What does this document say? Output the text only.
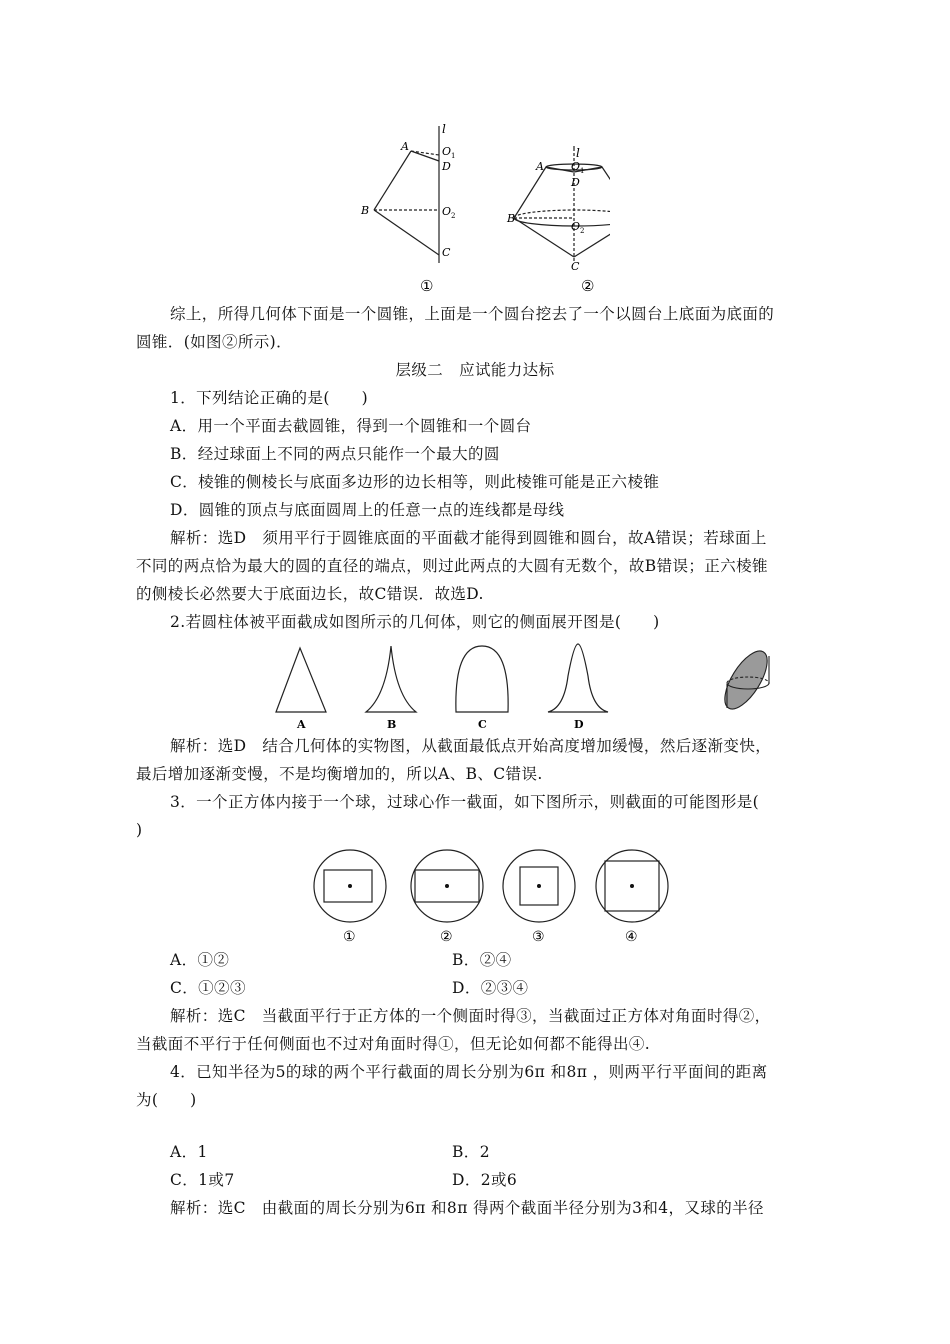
l
A	O 1
D
B	O 2
C
①
l
A O 1
D
B
O 2
C
②
综上，所得几何体下面是一个圆锥，上面是一个圆台挖去了一个以圆台上底面为底面的
圆锥．(如图②所示)．
层级二　应试能力达标
1．下列结论正确的是(　　)
A．用一个平面去截圆锥，得到一个圆锥和一个圆台
B．经过球面上不同的两点只能作一个最大的圆
C．棱锥的侧棱长与底面多边形的边长相等，则此棱锥可能是正六棱锥
D．圆锥的顶点与底面圆周上的任意一点的连线都是母线
解析：选D　须用平行于圆锥底面的平面截才能得到圆锥和圆台，故A错误；若球面上
不同的两点恰为最大的圆的直径的端点，则过此两点的大圆有无数个，故B错误；正六棱锥
的侧棱长必然要大于底面边长，故C错误．故选D.
2.若圆柱体被平面截成如图所示的几何体，则它的侧面展开图是(　　)
A	B	C	D
解析：选D　结合几何体的实物图，从截面最低点开始高度增加缓慢，然后逐渐变快，
最后增加逐渐变慢，不是均衡增加的，所以A、B、C错误.
3．一个正方体内接于一个球，过球心作一截面，如下图所示，则截面的可能图形是(
)
①	②	③	④
A．①②	B．②④
C．①②③	D．②③④
解析：选C　当截面平行于正方体的一个侧面时得③，当截面过正方体对角面时得②，
当截面不平行于任何侧面也不过对角面时得①，但无论如何都不能得出④.
4．已知半径为5的球的两个平行截面的周长分别为6π 和8π ，则两平行平面间的距离
为(　　)
A．1	B．2
C．1或7	D．2或6
解析：选C　由截面的周长分别为6π 和8π 得两个截面半径分别为3和4，又球的半径
